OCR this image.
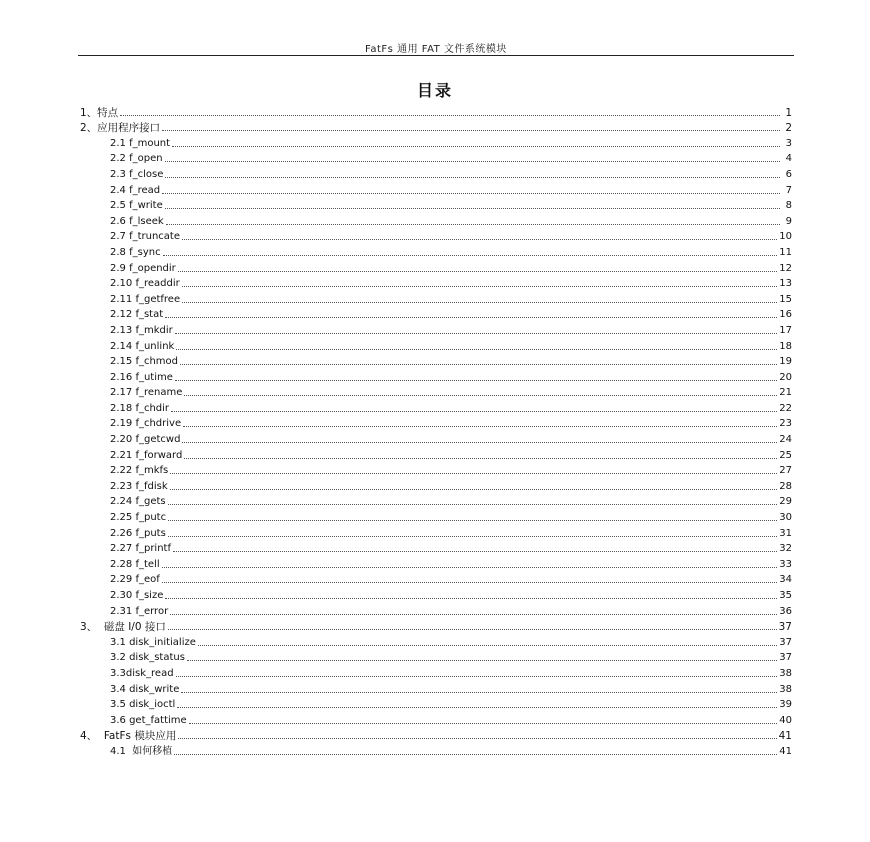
FatFs 通用 FAT 文件系统模块
目录
1、特点	1
2、应用程序接口	2
2.1 f_mount	3
2.2 f_open	4
2.3 f_close	6
2.4 f_read	7
2.5 f_write	8
2.6 f_lseek	9
2.7 f_truncate	10
2.8 f_sync	11
2.9 f_opendir	12
2.10 f_readdir	13
2.11 f_getfree	15
2.12 f_stat	16
2.13 f_mkdir	17
2.14 f_unlink	18
2.15 f_chmod	19
2.16 f_utime	20
2.17 f_rename	21
2.18 f_chdir	22
2.19 f_chdrive	23
2.20 f_getcwd	24
2.21 f_forward	25
2.22 f_mkfs	27
2.23 f_fdisk	28
2.24 f_gets	29
2.25 f_putc	30
2.26 f_puts	31
2.27 f_printf	32
2.28 f_tell	33
2.29 f_eof	34
2.30 f_size	35
2.31 f_error	36
3、  磁盘 I/0 接口	37
3.1 disk_initialize	37
3.2 disk_status	37
3.3disk_read	38
3.4 disk_write	38
3.5 disk_ioctl	39
3.6 get_fattime	40
4、  FatFs 模块应用	41
4.1  如何移植	41
